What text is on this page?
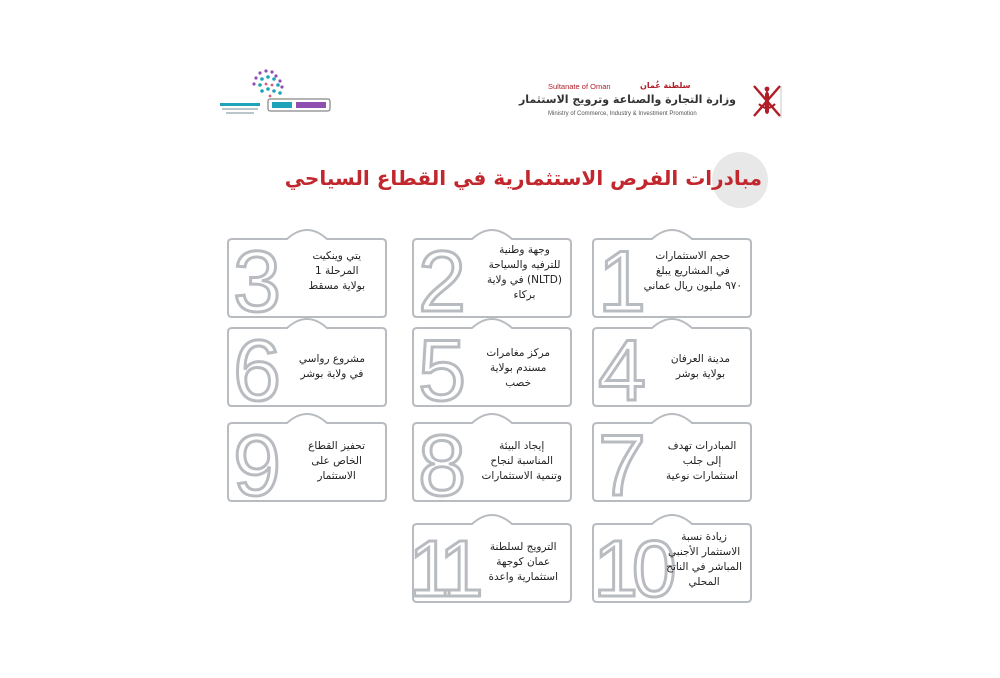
Sultanate of Oman	سلطنة عُمان
وزارة التجارة والصناعة وترويج الاستثمار
Ministry of Commerce, Industry & Investment Promotion
مبادرات الفرص الاستثمارية في القطاع السياحي
1 حجم الاستثمارات
في المشاريع يبلغ
٩٧٠ مليون ريال عماني
2	وجهة وطنية
للترفيه والسياحة
(NLTD) في ولاية
بركاء
3	يتي وينكيت
المرحلة 1
بولاية مسقط
4 مدينة العرفان
بولاية بوشر
5 مركز مغامرات
مسندم بولاية
خصب
6 مشروع رواسي
في ولاية بوشر
7 المبادرات تهدف
إلى جلب
استثمارات نوعية
8	إيجاد البيئة
المناسبة لنجاح
وتنمية الاستثمارات
9	تحفيز القطاع
الخاص على
الاستثمار
10	زيادة نسبة
الاستثمار الأجنبي
المباشر في الناتج
المحلي
11	الترويج لسلطنة
عمان كوجهة
استثمارية واعدة
